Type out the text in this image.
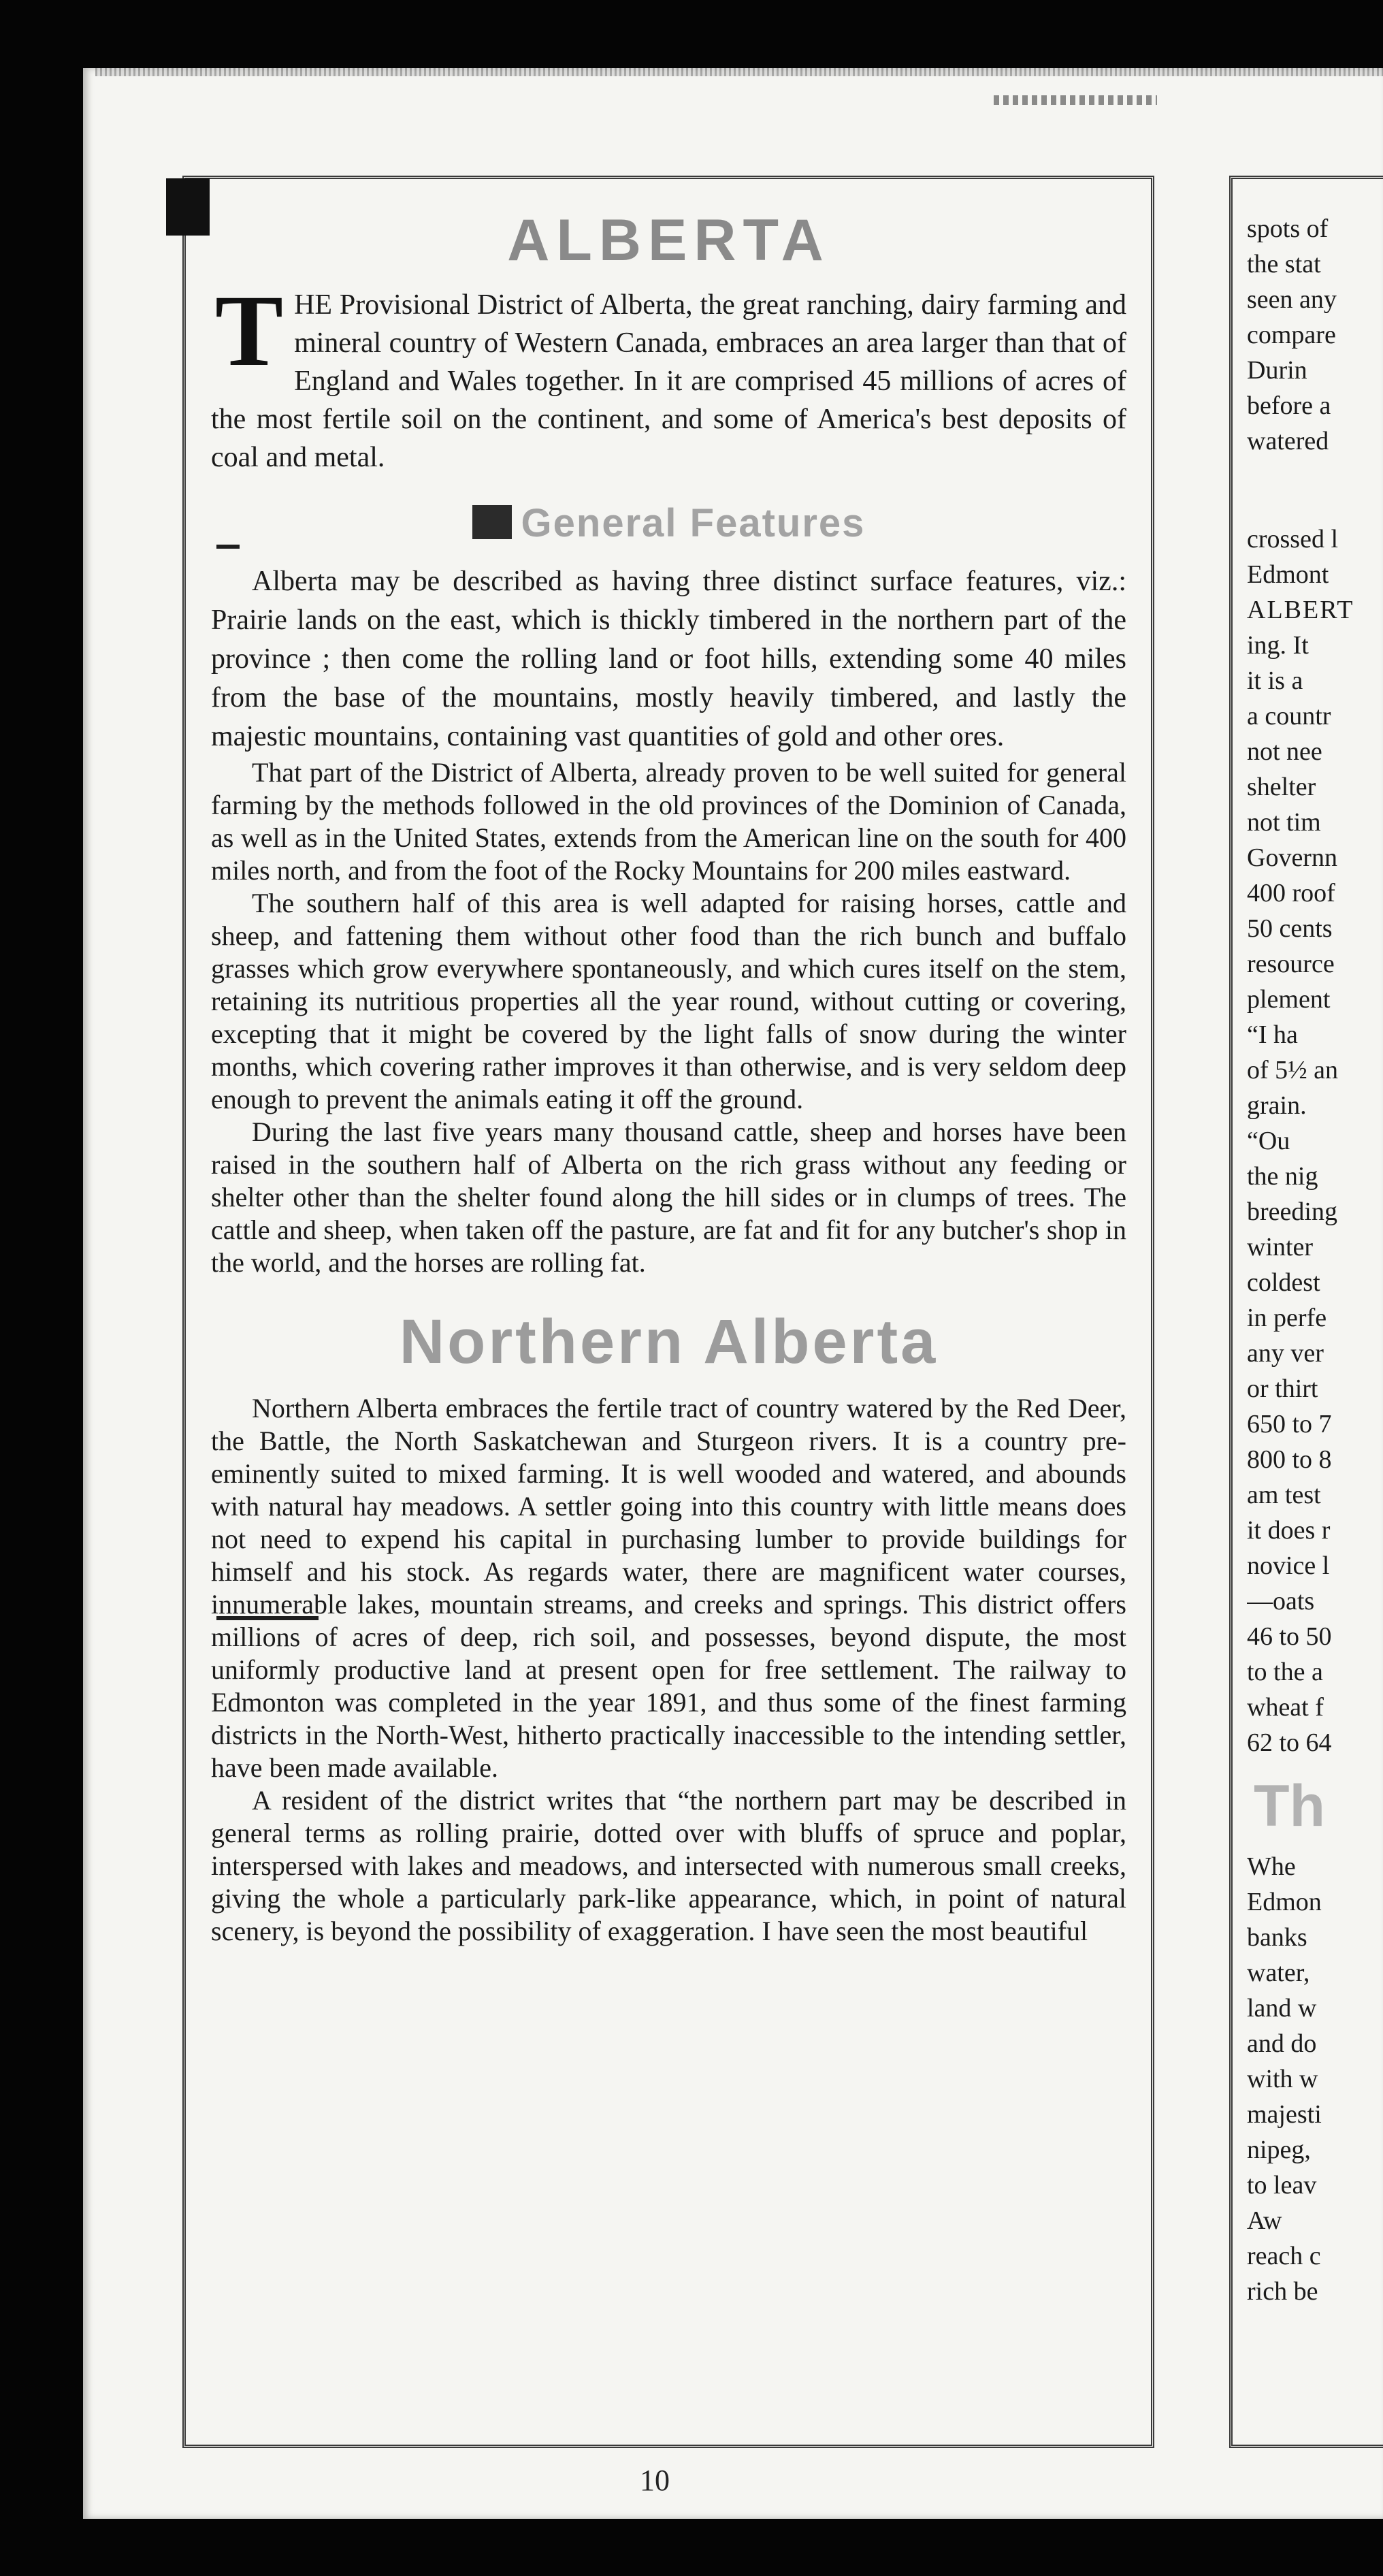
ALBERTA

THE Provisional District of Alberta, the great ranching, dairy farming and mineral country of Western Canada, embraces an area larger than that of England and Wales together. In it are comprised 45 millions of acres of the most fertile soil on the continent, and some of America's best deposits of coal and metal.

General Features

Alberta may be described as having three distinct surface features, viz.: Prairie lands on the east, which is thickly timbered in the northern part of the province ; then come the rolling land or foot hills, extending some 40 miles from the base of the mountains, mostly heavily timbered, and lastly the majestic mountains, containing vast quantities of gold and other ores.

That part of the District of Alberta, already proven to be well suited for general farming by the methods followed in the old provinces of the Dominion of Canada, as well as in the United States, extends from the American line on the south for 400 miles north, and from the foot of the Rocky Mountains for 200 miles eastward.

The southern half of this area is well adapted for raising horses, cattle and sheep, and fattening them without other food than the rich bunch and buffalo grasses which grow everywhere spontaneously, and which cures itself on the stem, retaining its nutritious properties all the year round, without cutting or covering, excepting that it might be covered by the light falls of snow during the winter months, which covering rather improves it than otherwise, and is very seldom deep enough to prevent the animals eating it off the ground.

During the last five years many thousand cattle, sheep and horses have been raised in the southern half of Alberta on the rich grass without any feeding or shelter other than the shelter found along the hill sides or in clumps of trees. The cattle and sheep, when taken off the pasture, are fat and fit for any butcher's shop in the world, and the horses are rolling fat.

Northern Alberta

Northern Alberta embraces the fertile tract of country watered by the Red Deer, the Battle, the North Saskatchewan and Sturgeon rivers. It is a country pre-eminently suited to mixed farming. It is well wooded and watered, and abounds with natural hay meadows. A settler going into this country with little means does not need to expend his capital in purchasing lumber to provide buildings for himself and his stock. As regards water, there are magnificent water courses, innumerable lakes, mountain streams, and creeks and springs. This district offers millions of acres of deep, rich soil, and possesses, beyond dispute, the most uniformly productive land at present open for free settlement. The railway to Edmonton was completed in the year 1891, and thus some of the finest farming districts in the North-West, hitherto practically inaccessible to the intending settler, have been made available.

A resident of the district writes that “the northern part may be described in general terms as rolling prairie, dotted over with bluffs of spruce and poplar, interspersed with lakes and meadows, and intersected with numerous small creeks, giving the whole a particularly park-like appearance, which, in point of natural scenery, is beyond the possibility of exaggeration. I have seen the most beautiful

10
spots of
the stat
seen any
compare
Durin
before a
watered
crossed l
Edmont
ALBERT
ing. It
it is a
a countr
not nee
shelter
not tim
Governn
400 roof
50 cents
resource
plement
“I ha
of 5½ an
grain.
“Ou
the nig
breeding
winter
coldest
in perfe
any ver
or thirt
650 to 7
800 to 8
am test
it does r
novice l
—oats
46 to 50
to the a
wheat f
62 to 64
Th
Whe
Edmon
banks
water,
land w
and do
with w
majesti
nipeg,
to leav
Aw
reach c
rich be
